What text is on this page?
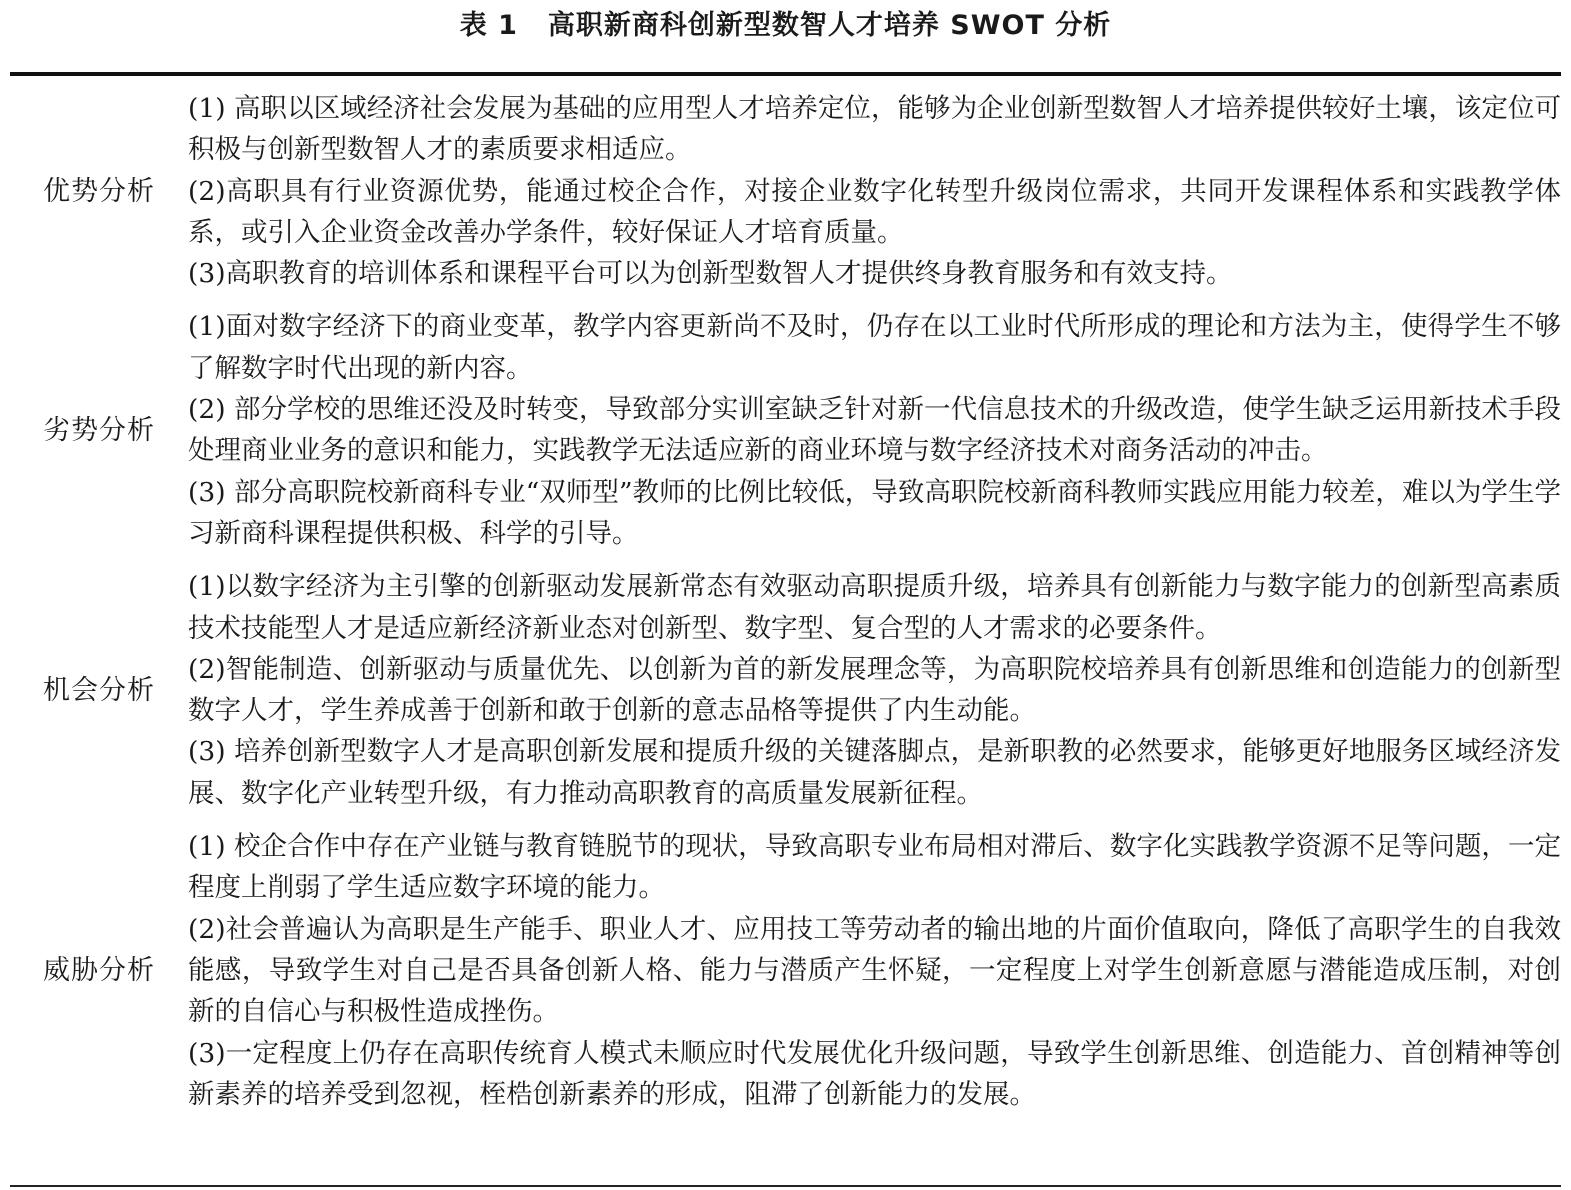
表 1 高职新商科创新型数智人才培养 SWOT 分析
优势分析

(1) 高职以区域经济社会发展为基础的应用型人才培养定位，能够为企业创新型数智人才培养提供较好土壤，该定位可积极与创新型数智人才的素质要求相适应。

(2)高职具有行业资源优势，能通过校企合作，对接企业数字化转型升级岗位需求，共同开发课程体系和实践教学体系，或引入企业资金改善办学条件，较好保证人才培育质量。

(3)高职教育的培训体系和课程平台可以为创新型数智人才提供终身教育服务和有效支持。

劣势分析

(1)面对数字经济下的商业变革，教学内容更新尚不及时，仍存在以工业时代所形成的理论和方法为主，使得学生不够了解数字时代出现的新内容。

(2) 部分学校的思维还没及时转变，导致部分实训室缺乏针对新一代信息技术的升级改造，使学生缺乏运用新技术手段处理商业业务的意识和能力，实践教学无法适应新的商业环境与数字经济技术对商务活动的冲击。

(3) 部分高职院校新商科专业“双师型”教师的比例比较低，导致高职院校新商科教师实践应用能力较差，难以为学生学习新商科课程提供积极、科学的引导。

机会分析

(1)以数字经济为主引擎的创新驱动发展新常态有效驱动高职提质升级，培养具有创新能力与数字能力的创新型高素质技术技能型人才是适应新经济新业态对创新型、数字型、复合型的人才需求的必要条件。

(2)智能制造、创新驱动与质量优先、以创新为首的新发展理念等，为高职院校培养具有创新思维和创造能力的创新型数字人才，学生养成善于创新和敢于创新的意志品格等提供了内生动能。

(3) 培养创新型数字人才是高职创新发展和提质升级的关键落脚点，是新职教的必然要求，能够更好地服务区域经济发展、数字化产业转型升级，有力推动高职教育的高质量发展新征程。

威胁分析

(1) 校企合作中存在产业链与教育链脱节的现状，导致高职专业布局相对滞后、数字化实践教学资源不足等问题，一定程度上削弱了学生适应数字环境的能力。

(2)社会普遍认为高职是生产能手、职业人才、应用技工等劳动者的输出地的片面价值取向，降低了高职学生的自我效能感，导致学生对自己是否具备创新人格、能力与潜质产生怀疑，一定程度上对学生创新意愿与潜能造成压制，对创新的自信心与积极性造成挫伤。

(3)一定程度上仍存在高职传统育人模式未顺应时代发展优化升级问题，导致学生创新思维、创造能力、首创精神等创新素养的培养受到忽视，桎梏创新素养的形成，阻滞了创新能力的发展。
